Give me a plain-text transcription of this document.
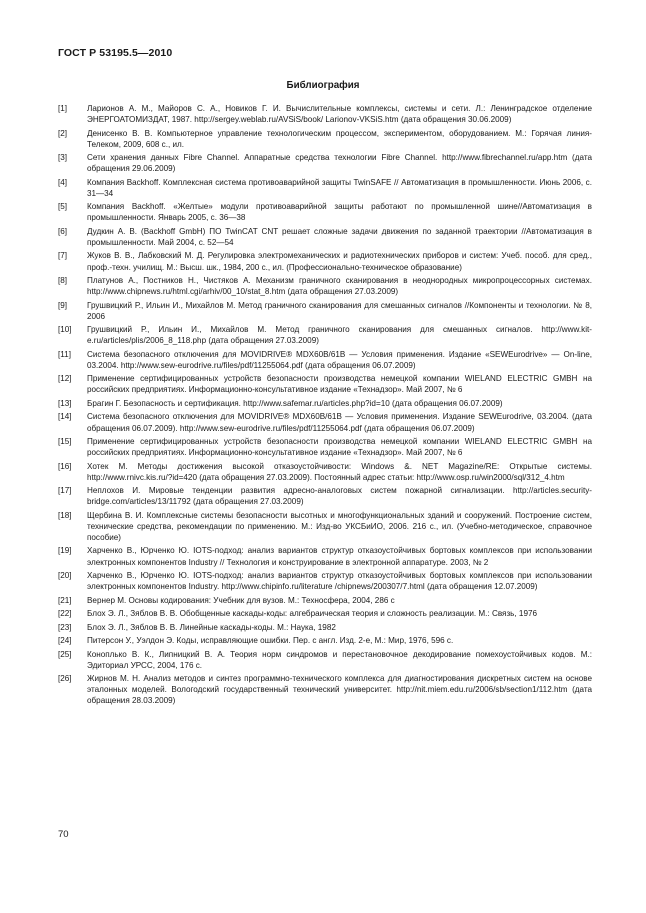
ГОСТ Р 53195.5—2010
Библиография
[1]	Ларионов А. М., Майоров С. А., Новиков Г. И. Вычислительные комплексы, системы и сети. Л.: Ленинградское отделение ЭНЕРГОАТОМИЗДАТ, 1987. http://sergey.weblab.ru/AVSiS/book/ Larionov-VKSiS.htm (дата обращения 30.06.2009)
[2]	Денисенко В. В. Компьютерное управление технологическим процессом, экспериментом, оборудованием. М.: Горячая линия-Телеком, 2009, 608 с., ил.
[3]	Сети хранения данных Fibre Channel. Аппаратные средства технологии Fibre Channel. http://www.fibrechannel.ru/app.htm (дата обращения 29.06.2009)
[4]	Компания Backhoff. Комплексная система противоаварийной защиты TwinSAFE // Автоматизация в промышленности. Июнь 2006, с. 31—34
[5]	Компания Backhoff. «Желтые» модули противоаварийной защиты работают по промышленной шине//Автоматизация в промышленности. Январь 2005, с. 36—38
[6]	Дудкин А. В. (Backhoff GmbH) ПО TwinCAT CNT решает сложные задачи движения по заданной траектории //Автоматизация в промышленности. Май 2004, с. 52—54
[7]	Жуков В. В., Лабковский М. Д. Регулировка электромеханических и радиотехнических приборов и систем: Учеб. пособ. для сред., проф.-техн. училищ. М.: Высш. шк., 1984, 200 с., ил. (Профессионально-техническое образование)
[8]	Платунов А., Постников Н., Чистяков А. Механизм граничного сканирования в неоднородных микропроцессорных системах. http://www.chipnews.ru/html.cgi/arhiv/00_10/stat_8.htm (дата обращения 27.03.2009)
[9]	Грушвицкий Р., Ильин И., Михайлов М. Метод граничного сканирования для смешанных сигналов //Компоненты и технологии. № 8, 2006
[10]	Грушвицкий Р., Ильин И., Михайлов М. Метод граничного сканирования для смешанных сигналов. http://www.kit-e.ru/articles/plis/2006_8_118.php (дата обращения 27.03.2009)
[11]	Система безопасного отключения для MOVIDRIVE® MDX60B/61B — Условия применения. Издание «SEWEurodrive» — On-line, 03.2004. http://www.sew-eurodrive.ru/files/pdf/11255064.pdf (дата обращения 06.07.2009)
[12]	Применение сертифицированных устройств безопасности производства немецкой компании WIELAND ELECTRIC GMBH на российских предприятиях. Информационно-консультативное издание «Технадзор». Май 2007, № 6
[13]	Брагин Г. Безопасность и сертификация. http://www.safemar.ru/articles.php?id=10 (дата обращения 06.07.2009)
[14]	Система безопасного отключения для MOVIDRIVE® MDX60B/61B — Условия применения. Издание SEWEurodrive, 03.2004. (дата обращения 06.07.2009). http://www.sew-eurodrive.ru/files/pdf/11255064.pdf (дата обращения 06.07.2009)
[15]	Применение сертифицированных устройств безопасности производства немецкой компании WIELAND ELECTRIC GMBH на российских предприятиях. Информационно-консультативное издание «Технадзор». Май 2007, № 6
[16]	Хотек М. Методы достижения высокой отказоустойчивости: Windows &. NET Magazine/RE: Открытые системы. http://www.rnivc.kis.ru/?id=420 (дата обращения 27.03.2009). Постоянный адрес статьи: http://www.osp.ru/win2000/sql/312_4.htm
[17]	Неплохов И. Мировые тенденции развития адресно-аналоговых систем пожарной сигнализации. http://articles.security-bridge.com/articles/13/11792 (дата обращения 27.03.2009)
[18]	Щербина В. И. Комплексные системы безопасности высотных и многофункциональных зданий и сооружений. Построение систем, технические средства, рекомендации по применению. М.: Изд-во УКСБиИО, 2006. 216 с., ил. (Учебно-методическое, справочное пособие)
[19]	Харченко В., Юрченко Ю. IOTS-подход: анализ вариантов структур отказоустойчивых бортовых комплексов при использовании электронных компонентов Industry // Технология и конструирование в электронной аппаратуре. 2003, № 2
[20]	Харченко В., Юрченко Ю. IOTS-подход: анализ вариантов структур отказоустойчивых бортовых комплексов при использовании электронных компонентов Industry. http://www.chipinfo.ru/literature /chipnews/200307/7.html (дата обращения 12.07.2009)
[21]	Вернер М. Основы кодирования: Учебник для вузов. М.: Техносфера, 2004, 286 с
[22]	Блох Э. Л., Зяблов В. В. Обобщенные каскады-коды: алгебраическая теория и сложность реализации. М.: Связь, 1976
[23]	Блох Э. Л., Зяблов В. В. Линейные каскады-коды. М.: Наука, 1982
[24]	Питерсон У., Уэлдон Э. Коды, исправляющие ошибки. Пер. с англ. Изд. 2-е, М.: Мир, 1976, 596 с.
[25]	Коноплько В. К., Липницкий В. А. Теория норм синдромов и перестановочное декодирование помехоустойчивых кодов. М.: Эдиториал УРСС, 2004, 176 с.
[26]	Жирнов М. Н. Анализ методов и синтез программно-технического комплекса для диагностирования дискретных систем на основе эталонных моделей. Вологодский государственный технический университет. http://nit.miem.edu.ru/2006/sb/section1/112.htm (дата обращения 28.03.2009)
70
